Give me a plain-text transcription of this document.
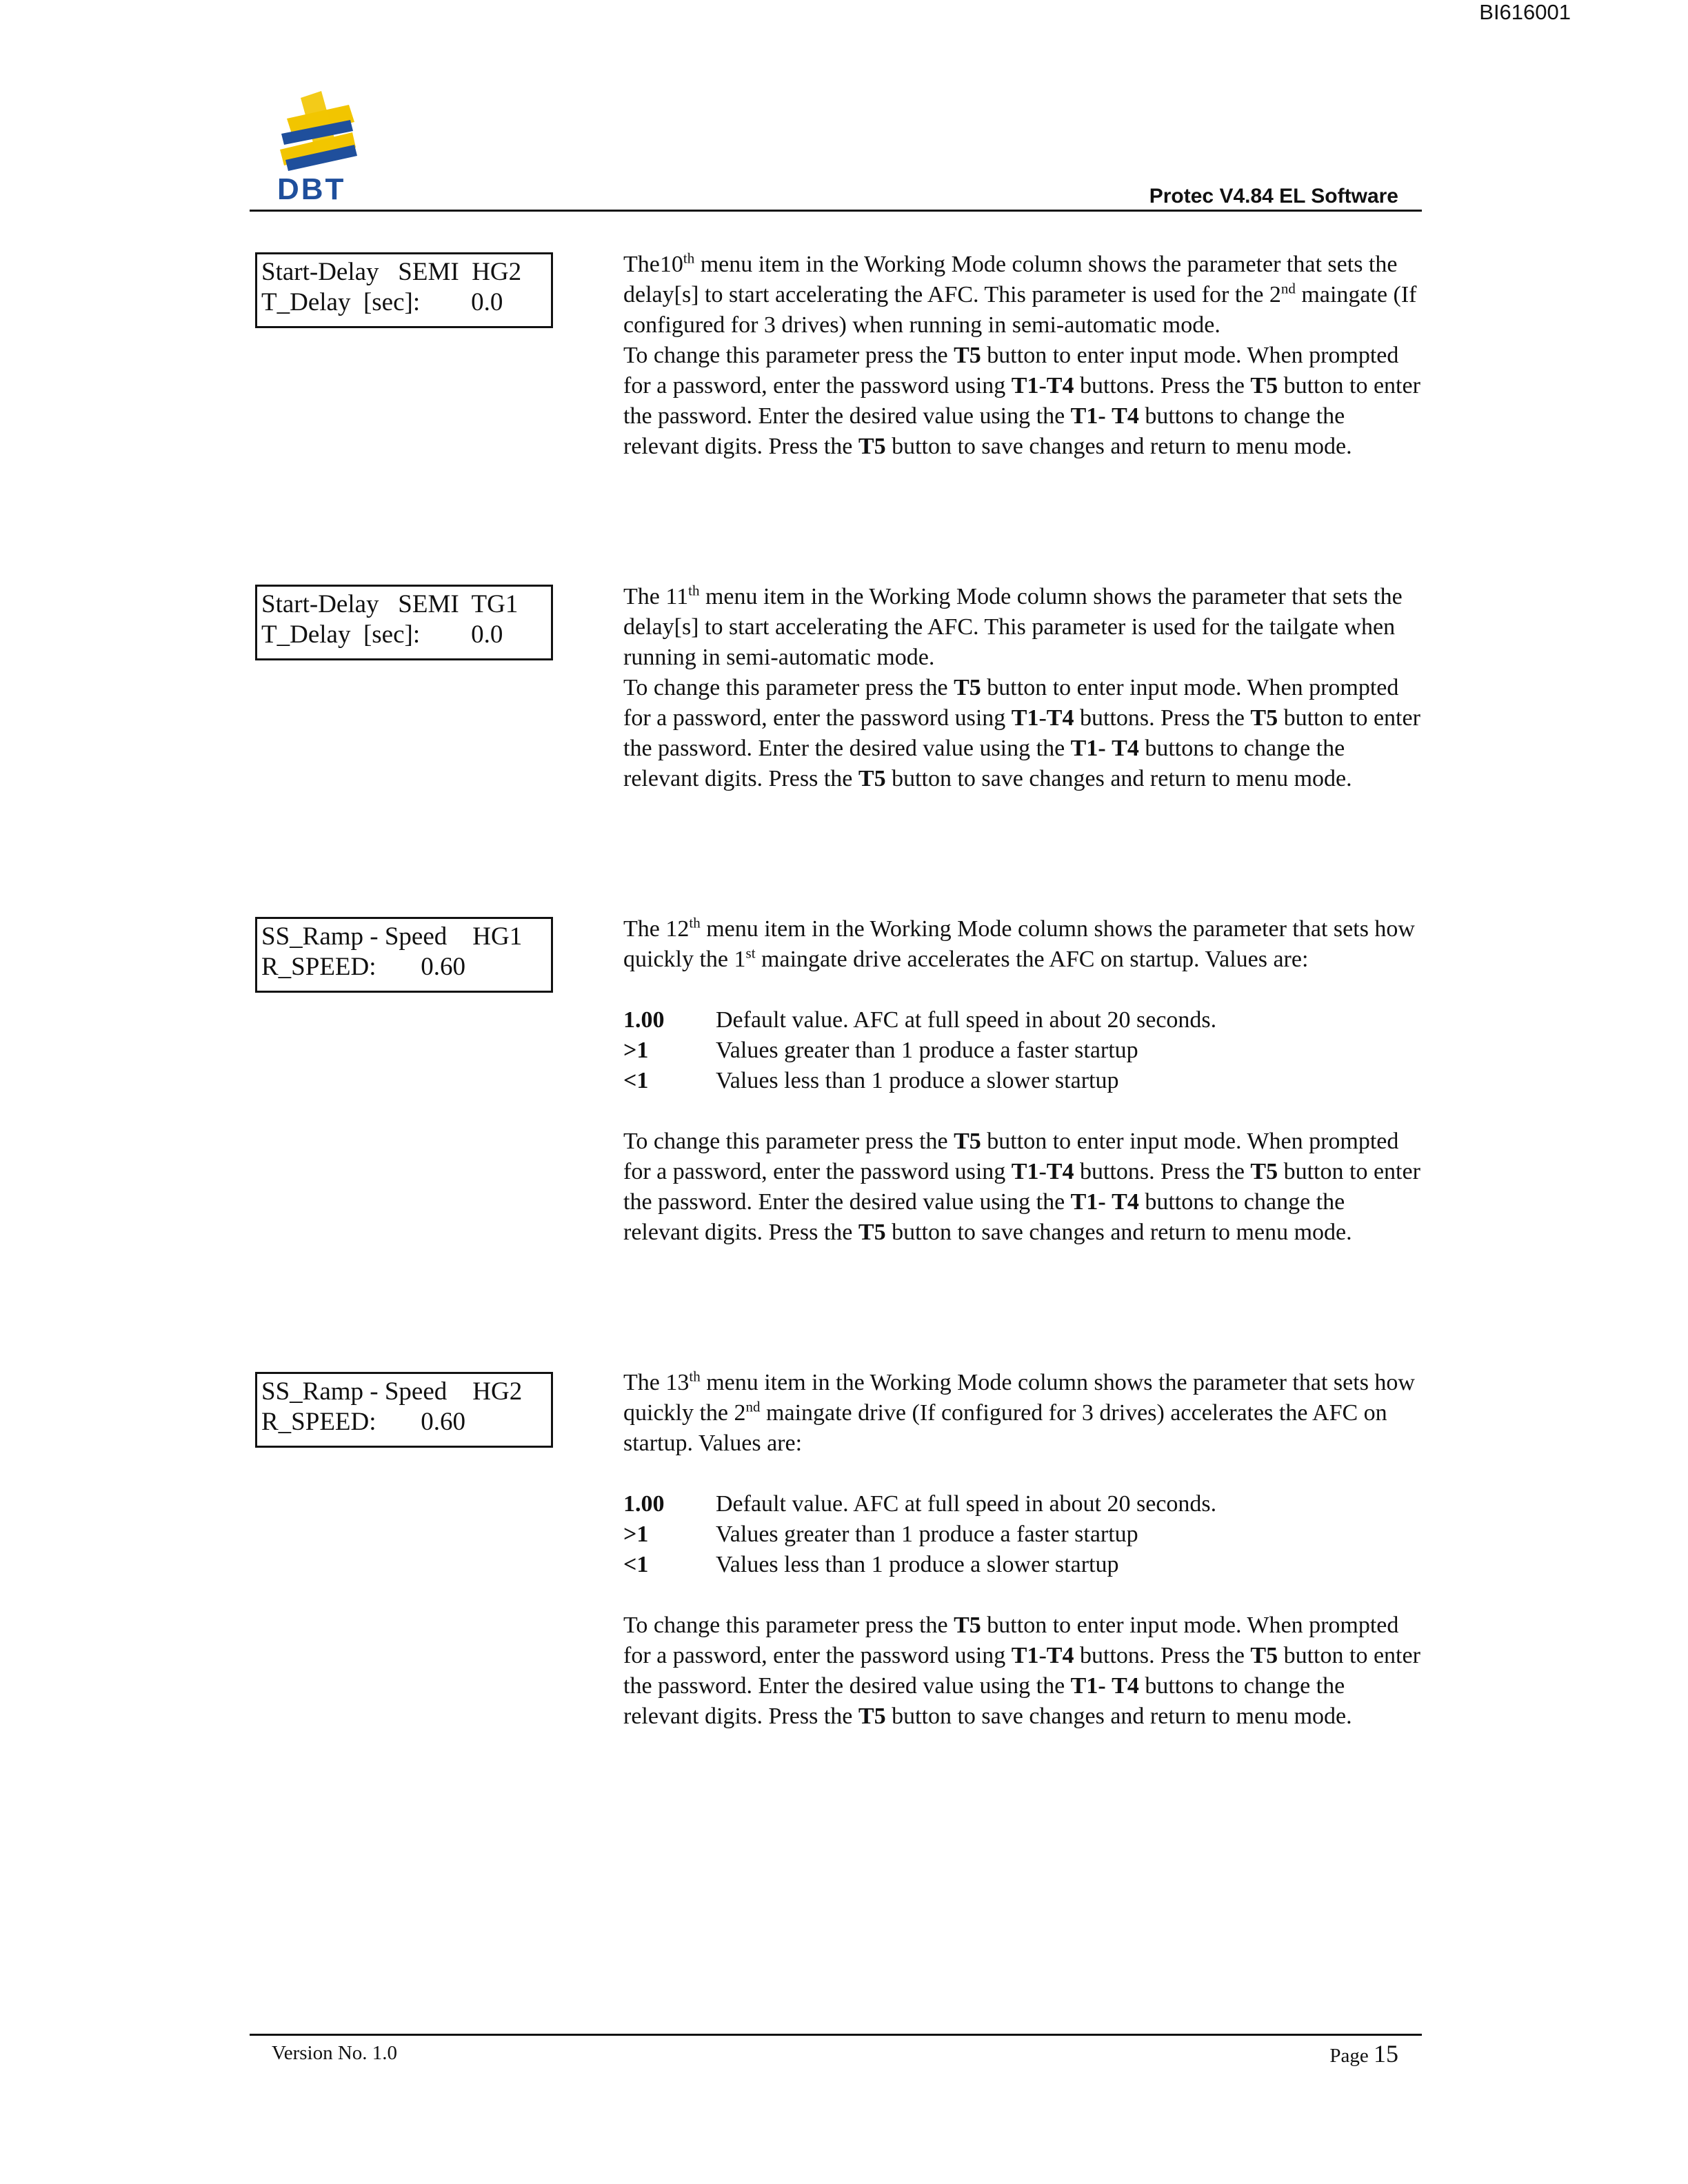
BI616001
DBT	Protec V4.84 EL Software
Start-Delay   SEMI  HG2
T_Delay  [sec]:        0.0

The10th menu item in the Working Mode column shows the parameter that sets the delay[s] to start accelerating the AFC. This parameter is used for the 2nd maingate (If configured for 3 drives) when running in semi-automatic mode.

To change this parameter press the T5 button to enter input mode. When prompted for a password, enter the password using T1-T4 buttons. Press the T5 button to enter the password. Enter the desired value using the T1- T4 buttons to change the relevant digits. Press the T5 button to save changes and return to menu mode.

Start-Delay   SEMI  TG1
T_Delay  [sec]:        0.0

The 11th menu item in the Working Mode column shows the parameter that sets the delay[s] to start accelerating the AFC. This parameter is used for the tailgate when running in semi-automatic mode.

To change this parameter press the T5 button to enter input mode. When prompted for a password, enter the password using T1-T4 buttons. Press the T5 button to enter the password. Enter the desired value using the T1- T4 buttons to change the relevant digits. Press the T5 button to save changes and return to menu mode.

SS_Ramp - Speed    HG1
R_SPEED:       0.60

The 12th menu item in the Working Mode column shows the parameter that sets how quickly the 1st maingate drive accelerates the AFC on startup. Values are:

1.00	Default value. AFC at full speed in about 20 seconds.
>1	Values greater than 1 produce a faster startup
<1	Values less than 1 produce a slower startup

To change this parameter press the T5 button to enter input mode. When prompted for a password, enter the password using T1-T4 buttons. Press the T5 button to enter the password. Enter the desired value using the T1- T4 buttons to change the relevant digits. Press the T5 button to save changes and return to menu mode.

SS_Ramp - Speed    HG2
R_SPEED:       0.60

The 13th menu item in the Working Mode column shows the parameter that sets how quickly the 2nd maingate drive (If configured for 3 drives) accelerates the AFC on startup. Values are:

1.00	Default value. AFC at full speed in about 20 seconds.
>1	Values greater than 1 produce a faster startup
<1	Values less than 1 produce a slower startup

To change this parameter press the T5 button to enter input mode. When prompted for a password, enter the password using T1-T4 buttons. Press the T5 button to enter the password. Enter the desired value using the T1- T4 buttons to change the relevant digits. Press the T5 button to save changes and return to menu mode.

Version No. 1.0	Page 15
